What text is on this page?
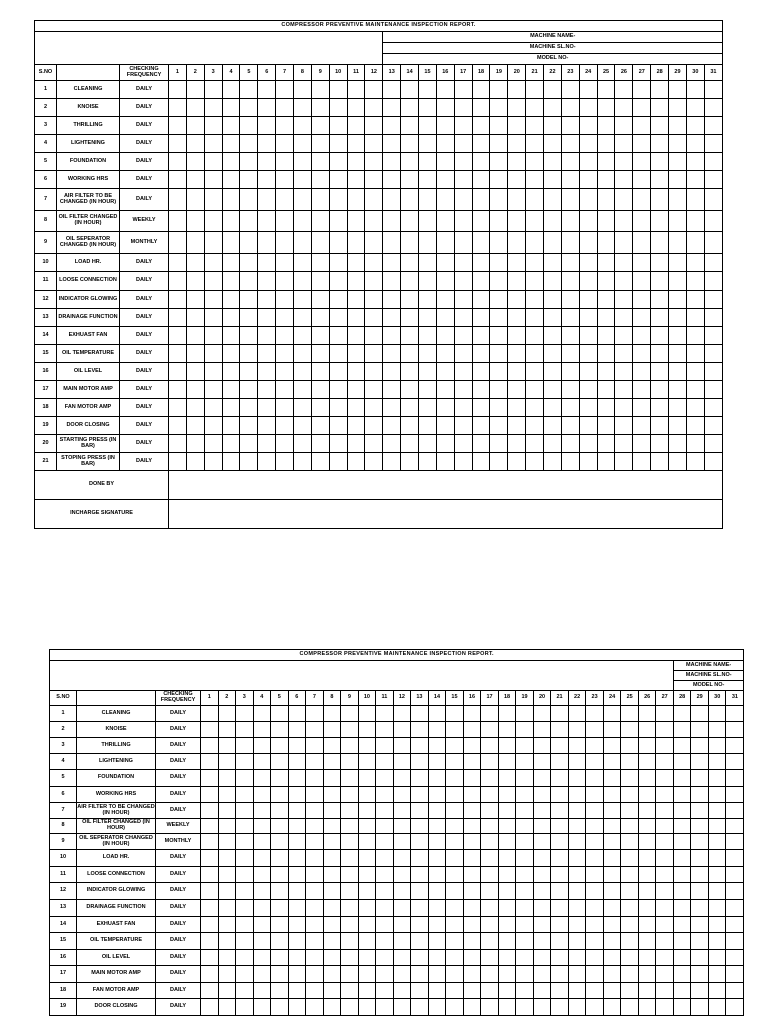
COMPRESSOR PREVENTIVE MAINTENANCE INSPECTION REPORT.																																	
															MACHINE NAME-																		
															MACHINE SL.NO-																		
															MODEL NO-																		
S.NO		CHECKING FREQUENCY	1	2	3	4	5	6	7	8	9	10	11	12	13	14	15	16	17	18	19	20	21	22	23	24	25	26	27	28	29	30	31
1	CLEANING	DAILY																															
2	KNOISE	DAILY																															
3	THRILLING	DAILY																															
4	LIGHTENING	DAILY																															
5	FOUNDATION	DAILY																															
6	WORKING HRS	DAILY																															
7	AIR FILTER TO BE CHANGED (IN HOUR)	DAILY																															
8	OIL FILTER CHANGED (IN HOUR)	WEEKLY																															
9	OIL SEPERATOR CHANGED (IN HOUR)	MONTHLY																															
10	LOAD HR.	DAILY																															
11	LOOSE CONNECTION	DAILY																															
12	INDICATOR GLOWING	DAILY																															
13	DRAINAGE FUNCTION	DAILY																															
14	EXHUAST FAN	DAILY																															
15	OIL TEMPERATURE	DAILY																															
16	OIL LEVEL	DAILY																															
17	MAIN MOTOR AMP	DAILY																															
18	FAN MOTOR AMP	DAILY																															
19	DOOR CLOSING	DAILY																															
20	STARTING PRESS (IN BAR)	DAILY																															
21	STOPING PRESS (IN BAR)	DAILY																															
DONE BY																																	
INCHARGE SIGNATURE																																	
COMPRESSOR PREVENTIVE MAINTENANCE INSPECTION REPORT.																																	
																														MACHINE NAME-			
																														MACHINE SL.NO-			
																														MODEL NO-			
S.NO		CHECKING FREQUENCY	1	2	3	4	5	6	7	8	9	10	11	12	13	14	15	16	17	18	19	20	21	22	23	24	25	26	27	28	29	30	31
1	CLEANING	DAILY																															
2	KNOISE	DAILY																															
3	THRILLING	DAILY																															
4	LIGHTENING	DAILY																															
5	FOUNDATION	DAILY																															
6	WORKING HRS	DAILY																															
7	AIR FILTER TO BE CHANGED (IN HOUR)	DAILY																															
8	OIL FILTER CHANGED (IN HOUR)	WEEKLY																															
9	OIL SEPERATOR CHANGED (IN HOUR)	MONTHLY																															
10	LOAD HR.	DAILY																															
11	LOOSE CONNECTION	DAILY																															
12	INDICATOR GLOWING	DAILY																															
13	DRAINAGE FUNCTION	DAILY																															
14	EXHUAST FAN	DAILY																															
15	OIL TEMPERATURE	DAILY																															
16	OIL LEVEL	DAILY																															
17	MAIN MOTOR AMP	DAILY																															
18	FAN MOTOR AMP	DAILY																															
19	DOOR CLOSING	DAILY																															
